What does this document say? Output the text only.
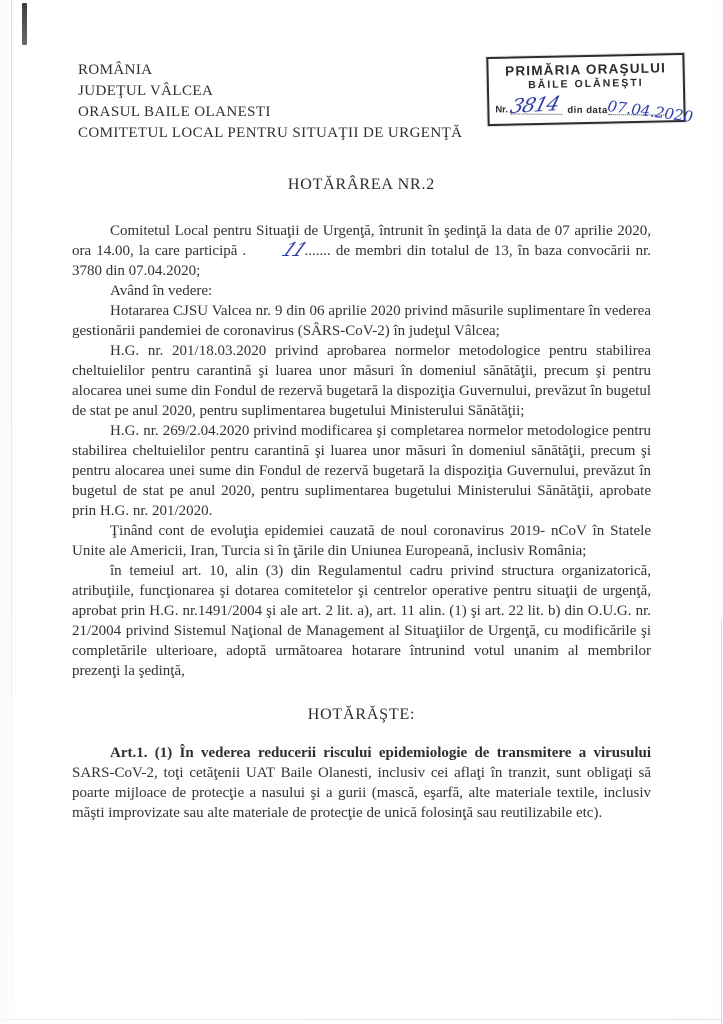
ROMÂNIA
JUDEŢUL VÂLCEA
ORASUL BAILE OLANESTI
COMITETUL LOCAL PENTRU SITUAŢII DE URGENŢĂ
PRIMĂRIA ORAŞULUI
BĂILE OLĂNEŞTI
Nr. 3814 din data
07.04.2020
HOTĂRÂREA NR.2

Comitetul Local pentru Situaţii de Urgenţă, întrunit în şedinţă la data de 07 aprilie 2020, ora 14.00, la care participă . 11....... de membri din totalul de 13, în baza convocării nr. 3780 din 07.04.2020;

Având în vedere:

Hotararea CJSU Valcea nr. 9 din 06 aprilie 2020 privind măsurile suplimentare în vederea gestionării pandemiei de coronavirus (SÂRS-CoV-2) în judeţul Vâlcea;

H.G. nr. 201/18.03.2020 privind aprobarea normelor metodologice pentru stabilirea cheltuielilor pentru carantină şi luarea unor măsuri în domeniul sănătăţii, precum şi pentru alocarea unei sume din Fondul de rezervă bugetară la dispoziţia Guvernului, prevăzut în bugetul de stat pe anul 2020, pentru suplimentarea bugetului Ministerului Sănătăţii;

H.G. nr. 269/2.04.2020 privind modificarea şi completarea normelor metodologice pentru stabilirea cheltuielilor pentru carantină şi luarea unor măsuri în domeniul sănătăţii, precum şi pentru alocarea unei sume din Fondul de rezervă bugetară la dispoziţia Guvernului, prevăzut în bugetul de stat pe anul 2020, pentru suplimentarea bugetului Ministerului Sănătăţii, aprobate prin H.G. nr. 201/2020.

Ţinând cont de evoluţia epidemiei cauzată de noul coronavirus 2019- nCoV în Statele Unite ale Americii, Iran, Turcia si în ţările din Uniunea Europeană, inclusiv România;

în temeiul art. 10, alin (3) din Regulamentul cadru privind structura organizatorică, atribuţiile, funcţionarea şi dotarea comitetelor şi centrelor operative pentru situaţii de urgenţă, aprobat prin H.G. nr.1491/2004 şi ale art. 2 lit. a), art. 11 alin. (1) şi art. 22 lit. b) din O.U.G. nr. 21/2004 privind Sistemul Naţional de Management al Situaţiilor de Urgenţă, cu modificările şi completările ulterioare, adoptă următoarea hotarare întrunind votul unanim al membrilor prezenţi la şedinţă,

HOTĂRĂŞTE:

Art.1. (1) În vederea reducerii riscului epidemiologie de transmitere a virusului SARS-CoV-2, toţi cetăţenii UAT Baile Olanesti, inclusiv cei aflaţi în tranzit, sunt obligaţi să poarte mijloace de protecţie a nasului şi a gurii (mască, eşarfă, alte materiale textile, inclusiv măşti improvizate sau alte materiale de protecţie de unică folosinţă sau reutilizabile etc).
